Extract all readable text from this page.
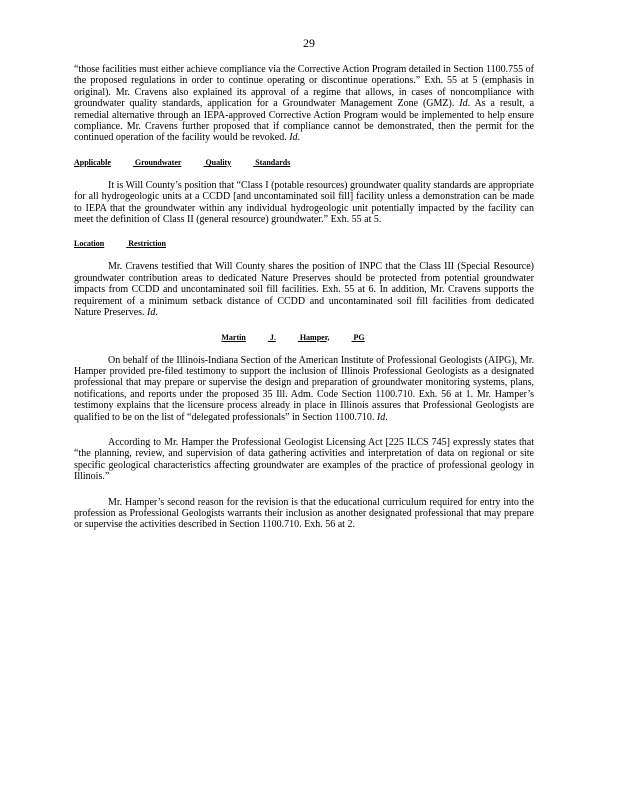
29

“those facilities must either achieve compliance via the Corrective Action Program detailed in Section 1100.755 of the proposed regulations in order to continue operating or discontinue operations.” Exh. 55 at 5 (emphasis in original). Mr. Cravens also explained its approval of a regime that allows, in cases of noncompliance with groundwater quality standards, application for a Groundwater Management Zone (GMZ). Id. As a result, a remedial alternative through an IEPA-approved Corrective Action Program would be implemented to help ensure compliance. Mr. Cravens further proposed that if compliance cannot be demonstrated, then the permit for the continued operation of the facility would be revoked. Id.

Applicable	Groundwater	Quality	Standards

It is Will County’s position that “Class I (potable resources) groundwater quality standards are appropriate for all hydrogeologic units at a CCDD [and uncontaminated soil fill] facility unless a demonstration can be made to IEPA that the groundwater within any individual hydrogeologic unit potentially impacted by the facility can meet the definition of Class II (general resource) groundwater.” Exh. 55 at 5.

Location	Restriction

Mr. Cravens testified that Will County shares the position of INPC that the Class III (Special Resource) groundwater contribution areas to dedicated Nature Preserves should be protected from potential groundwater impacts from CCDD and uncontaminated soil fill facilities. Exh. 55 at 6. In addition, Mr. Cravens supports the requirement of a minimum setback distance of CCDD and uncontaminated soil fill facilities from dedicated Nature Preserves. Id.

Martin	J.	Hamper,	PG

On behalf of the Illinois-Indiana Section of the American Institute of Professional Geologists (AIPG), Mr. Hamper provided pre-filed testimony to support the inclusion of Illinois Professional Geologists as a designated professional that may prepare or supervise the design and preparation of groundwater monitoring systems, plans, notifications, and reports under the proposed 35 Ill. Adm. Code Section 1100.710. Exh. 56 at 1. Mr. Hamper’s testimony explains that the licensure process already in place in Illinois assures that Professional Geologists are qualified to be on the list of “delegated professionals” in Section 1100.710. Id.

According to Mr. Hamper the Professional Geologist Licensing Act [225 ILCS 745] expressly states that “the planning, review, and supervision of data gathering activities and interpretation of data on regional or site specific geological characteristics affecting groundwater are examples of the practice of professional geology in Illinois.”

Mr. Hamper’s second reason for the revision is that the educational curriculum required for entry into the profession as Professional Geologists warrants their inclusion as another designated professional that may prepare or supervise the activities described in Section 1100.710. Exh. 56 at 2.
